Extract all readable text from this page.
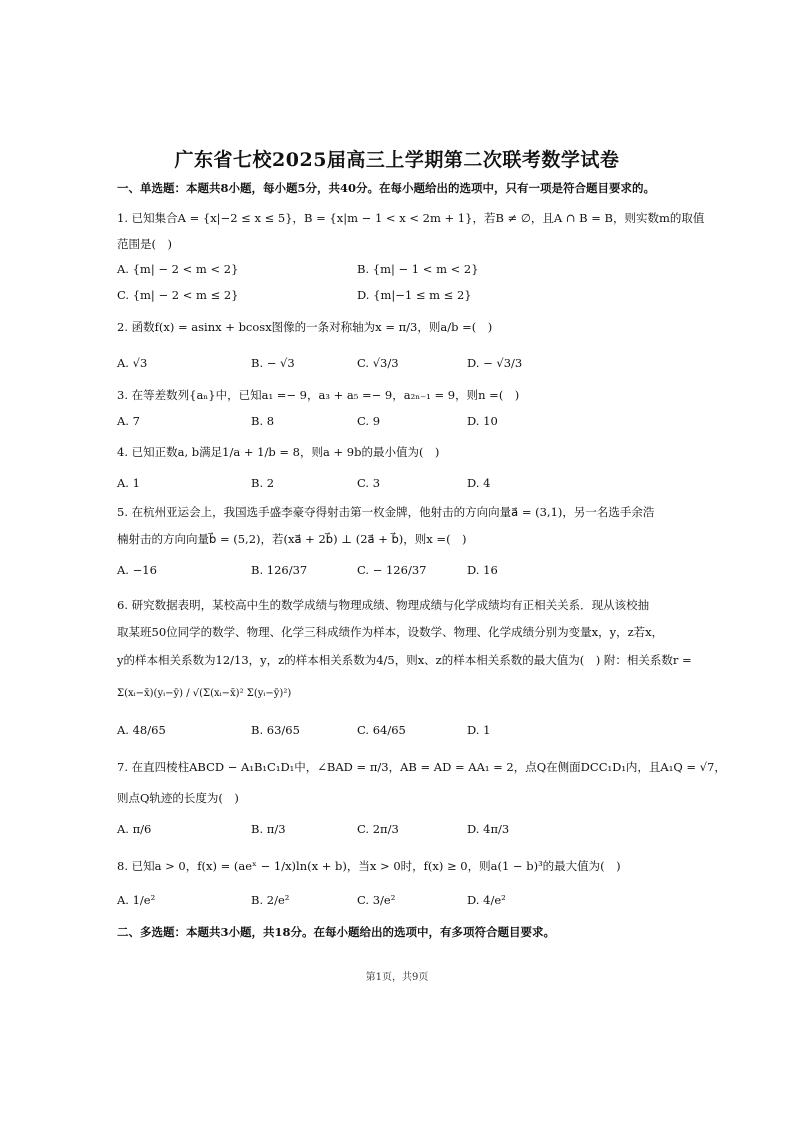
广东省七校2025届高三上学期第二次联考数学试卷
一、单选题：本题共8小题，每小题5分，共40分。在每小题给出的选项中，只有一项是符合题目要求的。
1. 已知集合A = {x|−2 ≤ x ≤ 5}，B = {x|m − 1 < x < 2m + 1}，若B ≠ ∅，且A ∩ B = B，则实数m的取值
范围是(　)
A. {m| − 2 < m < 2}	B. {m| − 1 < m < 2}
C. {m| − 2 < m ≤ 2}	D. {m|−1 ≤ m ≤ 2}
2. 函数f(x) = asinx + bcosx图像的一条对称轴为x = π/3，则a/b =(　)
A. √3	B. − √3	C. √3/3	D. − √3/3
3. 在等差数列{aₙ}中，已知a₁ =− 9，a₃ + a₅ =− 9，a₂ₙ₋₁ = 9，则n =(　)
A. 7	B. 8	C. 9	D. 10
4. 已知正数a, b满足1/a + 1/b = 8，则a + 9b的最小值为(　)
A. 1	B. 2	C. 3	D. 4
5. 在杭州亚运会上，我国选手盛李豪夺得射击第一枚金牌，他射击的方向向量a⃗ = (3,1)，另一名选手余浩
楠射击的方向向量b⃗ = (5,2)，若(xa⃗ + 2b⃗) ⊥ (2a⃗ + b⃗)，则x =(　)
A. −16	B. 126/37	C. − 126/37	D. 16
6. 研究数据表明，某校高中生的数学成绩与物理成绩、物理成绩与化学成绩均有正相关关系．现从该校抽
取某班50位同学的数学、物理、化学三科成绩作为样本，设数学、物理、化学成绩分别为变量x，y，z若x，
y的样本相关系数为12/13，y，z的样本相关系数为4/5，则x、z的样本相关系数的最大值为(　) 附：相关系数r =
Σ(xᵢ−x̄)(yᵢ−ȳ) / √(Σ(xᵢ−x̄)² Σ(yᵢ−ȳ)²)
A. 48/65	B. 63/65	C. 64/65	D. 1
7. 在直四棱柱ABCD − A₁B₁C₁D₁中，∠BAD = π/3，AB = AD = AA₁ = 2，点Q在侧面DCC₁D₁内，且A₁Q = √7，
则点Q轨迹的长度为(　)
A. π/6	B. π/3	C. 2π/3	D. 4π/3
8. 已知a > 0，f(x) = (aeˣ − 1/x)ln(x + b)，当x > 0时，f(x) ≥ 0，则a(1 − b)³的最大值为(　)
A. 1/e²	B. 2/e²	C. 3/e²	D. 4/e²
二、多选题：本题共3小题，共18分。在每小题给出的选项中，有多项符合题目要求。
第1页，共9页
